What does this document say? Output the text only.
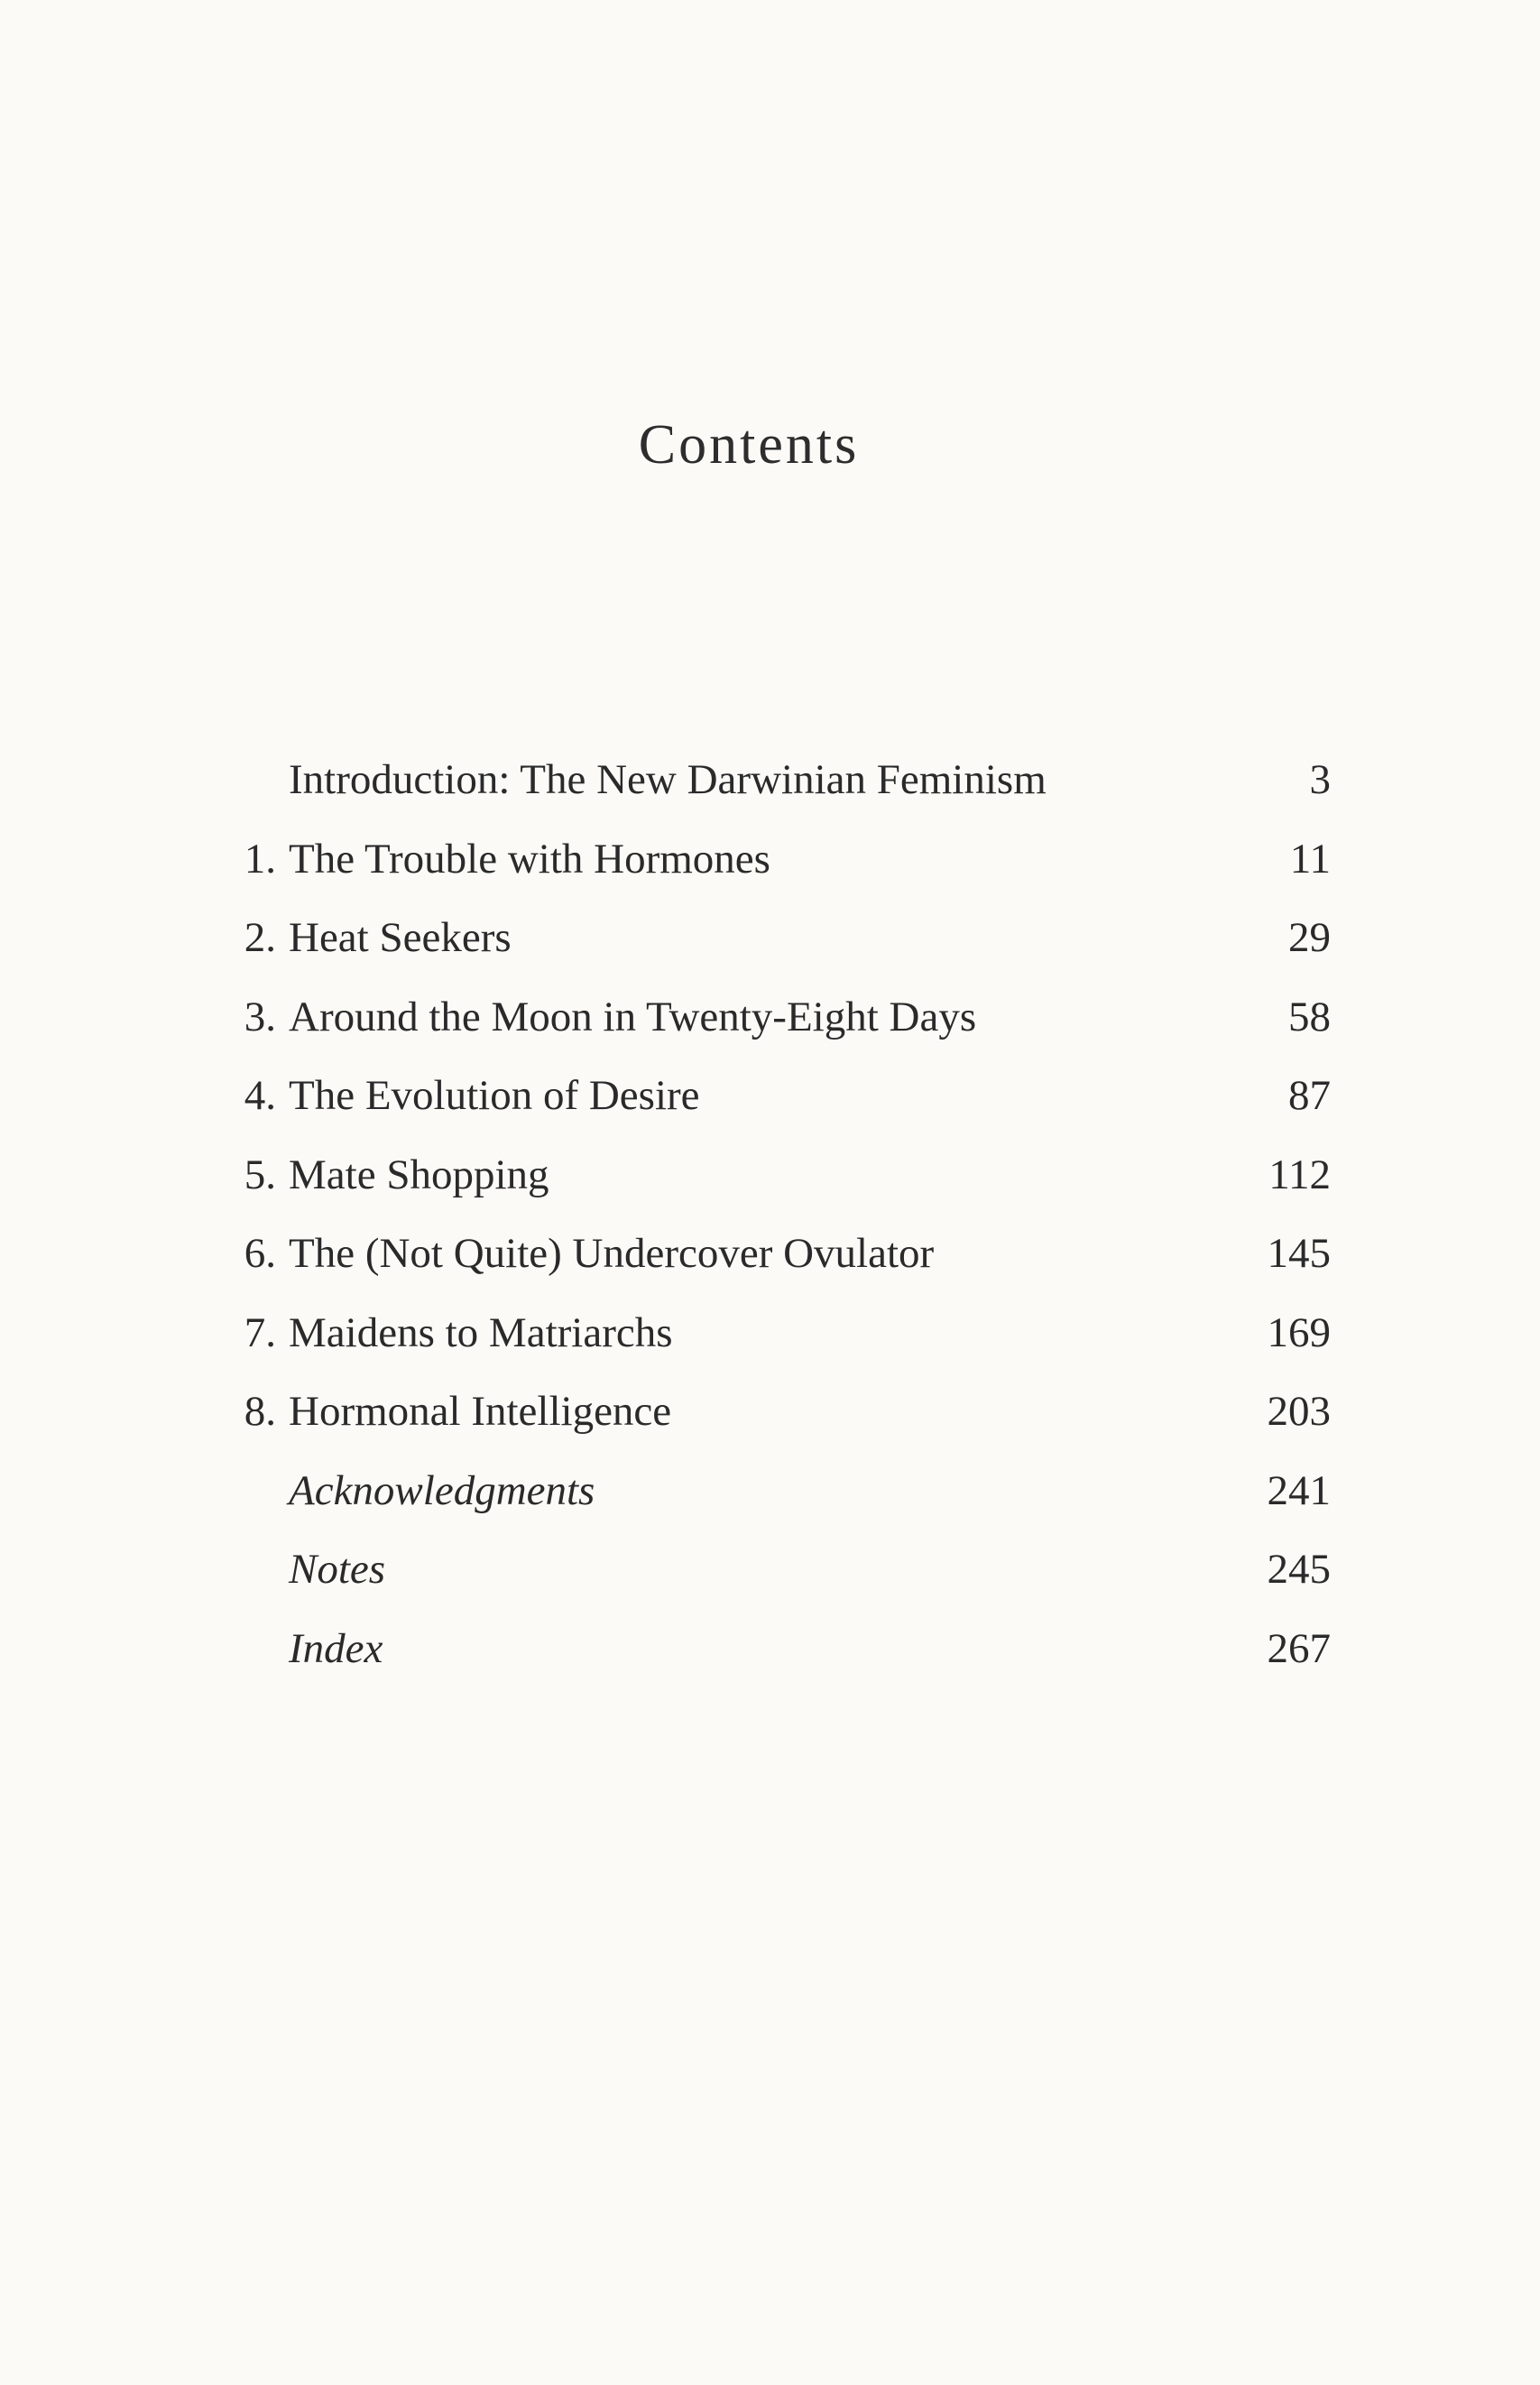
Contents
Introduction: The New Darwinian Feminism	3
1. The Trouble with Hormones	11
2. Heat Seekers	29
3. Around the Moon in Twenty-Eight Days	58
4. The Evolution of Desire	87
5. Mate Shopping	112
6. The (Not Quite) Undercover Ovulator	145
7. Maidens to Matriarchs	169
8. Hormonal Intelligence	203
Acknowledgments	241
Notes	245
Index	267
